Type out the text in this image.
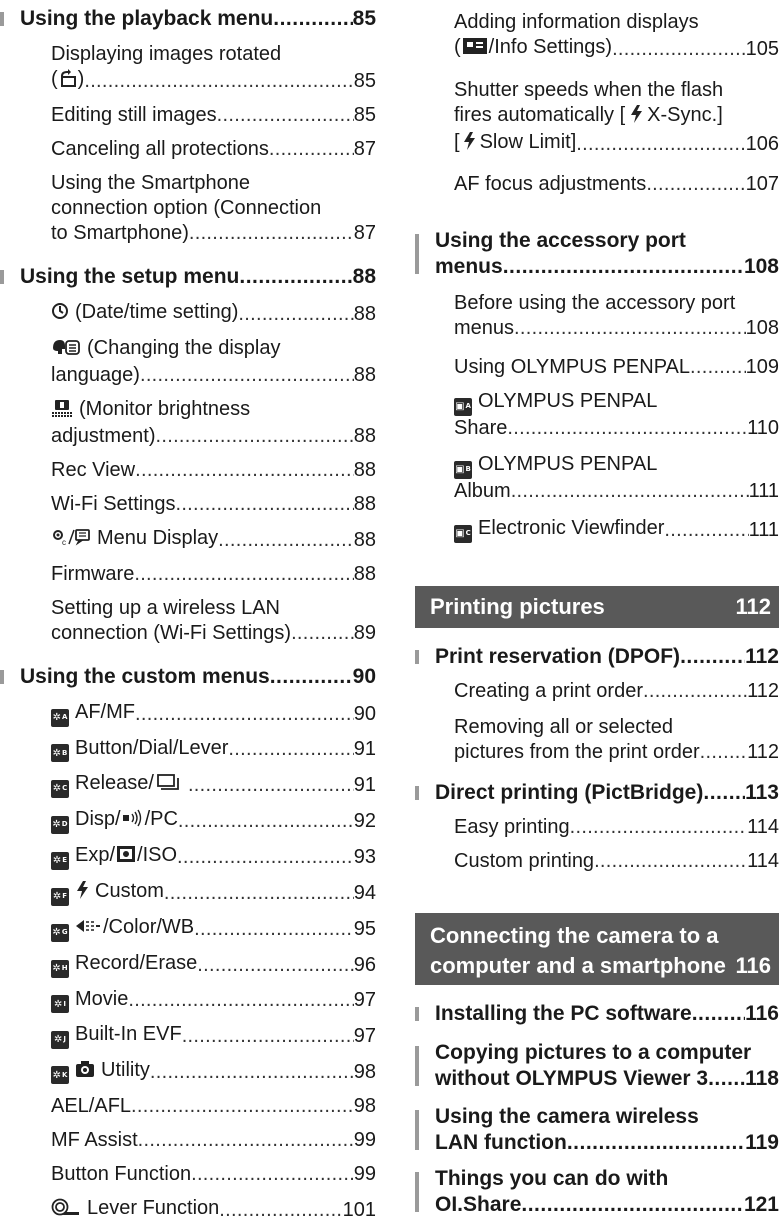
Using the playback menu .....	85
Displaying images rotated
( ) .....	85
Editing still images .....	85
Canceling all protections .....	87
Using the Smartphone
connection option (Connection
to Smartphone) .....	87
Using the setup menu .....	88
(Date/time setting) .....	88
(Changing the display
language) .....	88
(Monitor brightness
adjustment) .....	88
Rec View .....	88
Wi-Fi Settings .....	88
c Menu Display .....	88
Firmware .....	88
Setting up a wireless LAN
connection (Wi-Fi Settings) .....	89
Using the custom menus .....	90
✲ A AF/MF .....	90
✲ B Button/Dial/Lever .....	91
✲ C Release/ .....	91
✲ D Disp/ /PC .....	92
✲ E Exp/ /ISO .....	93
✲ F Custom .....	94
✲ G /Color/WB .....	95
✲ H Record/Erase .....	96
✲ I Movie .....	97
✲ J Built-In EVF .....	97
✲ K Utility .....	98
AEL/AFL .....	98
MF Assist .....	99
Button Function .....	99
Lever Function .....	101
Adding information displays
( /Info Settings) .....	105
Shutter speeds when the flash
fires automatically [ X-Sync.]
[ Slow Limit] .....	106
AF focus adjustments .....	107
Using the accessory port
menus .....	108
Before using the accessory port
menus .....	108
Using OLYMPUS PENPAL .....	109
▣ A OLYMPUS PENPAL
Share .....	110
▣ B OLYMPUS PENPAL
Album .....	111
▣ C Electronic Viewfinder .....	111
Printing pictures	112
Print reservation (DPOF) .....	112
Creating a print order .....	112
Removing all or selected
pictures from the print order ..... 112
Direct printing (PictBridge) ..... 113
Easy printing .....	114
Custom printing .....	114
Connecting the camera to a
computer and a smartphone 116
Installing the PC software .....	116
Copying pictures to a computer
without OLYMPUS Viewer 3 ..... 118
Using the camera wireless
LAN function .....	119
Things you can do with
OI.Share .....	121
